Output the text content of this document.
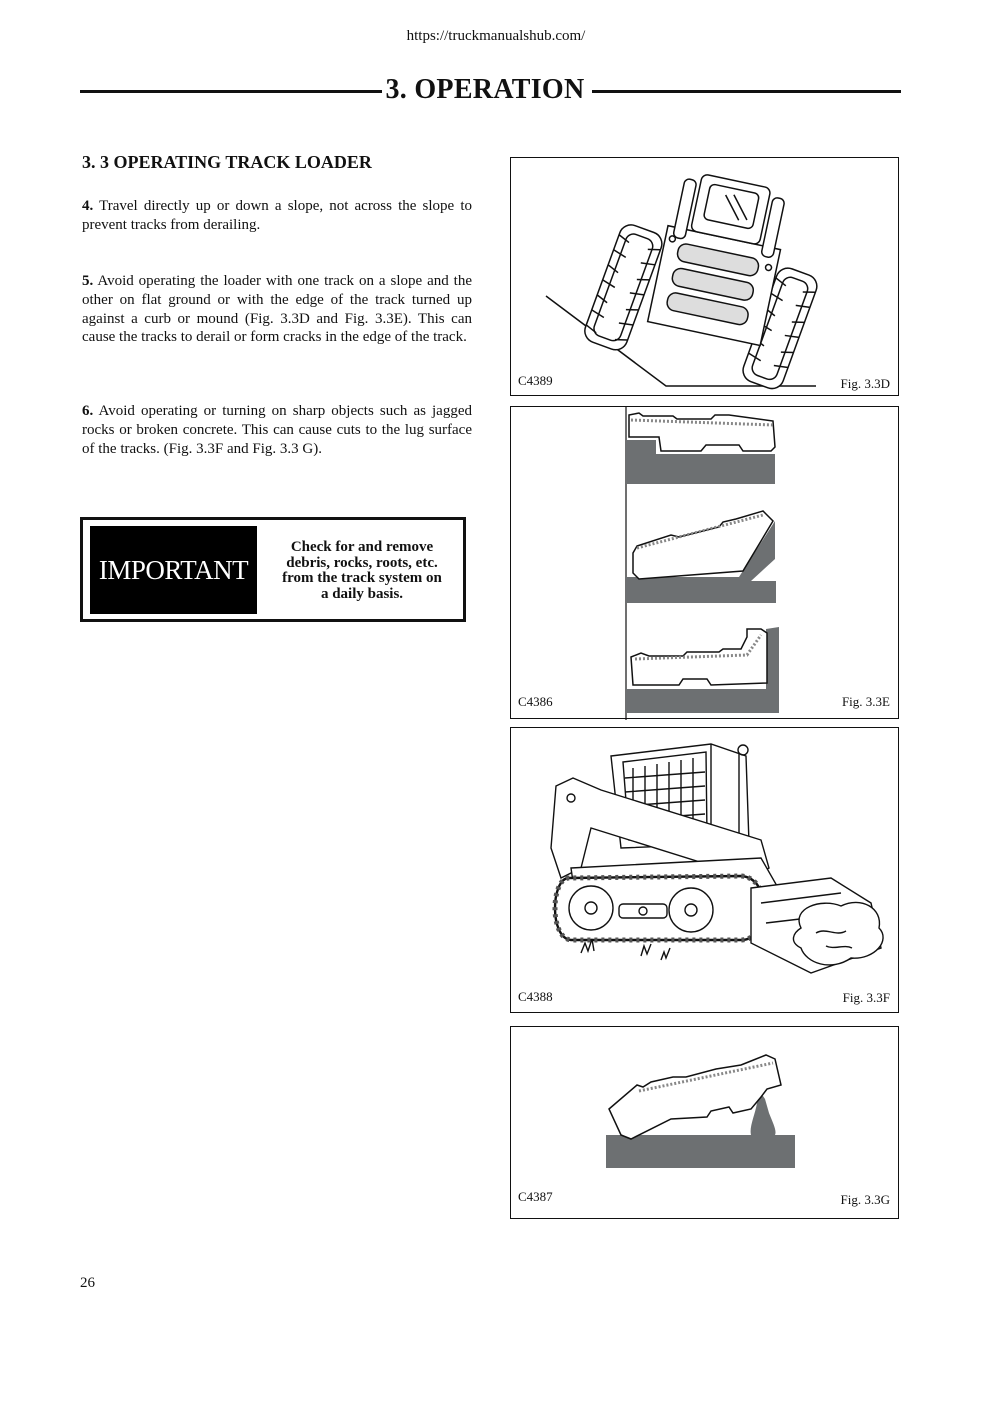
https://truckmanualshub.com/
3. OPERATION
3. 3 OPERATING TRACK LOADER
4. Travel directly up or down a slope, not across the slope to prevent tracks from derailing.
5. Avoid operating the loader with one track on a slope and the other on flat ground or with the edge of the track turned up against a curb or mound (Fig. 3.3D and Fig. 3.3E). This can cause the tracks to derail or form cracks in the edge of the track.
6. Avoid operating or turning on sharp objects such as jagged rocks or broken concrete. This can cause cuts to the lug surface of the tracks. (Fig. 3.3F and Fig. 3.3 G).
IMPORTANT
Check for and remove
debris, rocks, roots, etc.
from the track system on
a daily basis.
C4389	Fig. 3.3D
C4386	Fig. 3.3E
C4388	Fig. 3.3F
C4387	Fig. 3.3G
26
